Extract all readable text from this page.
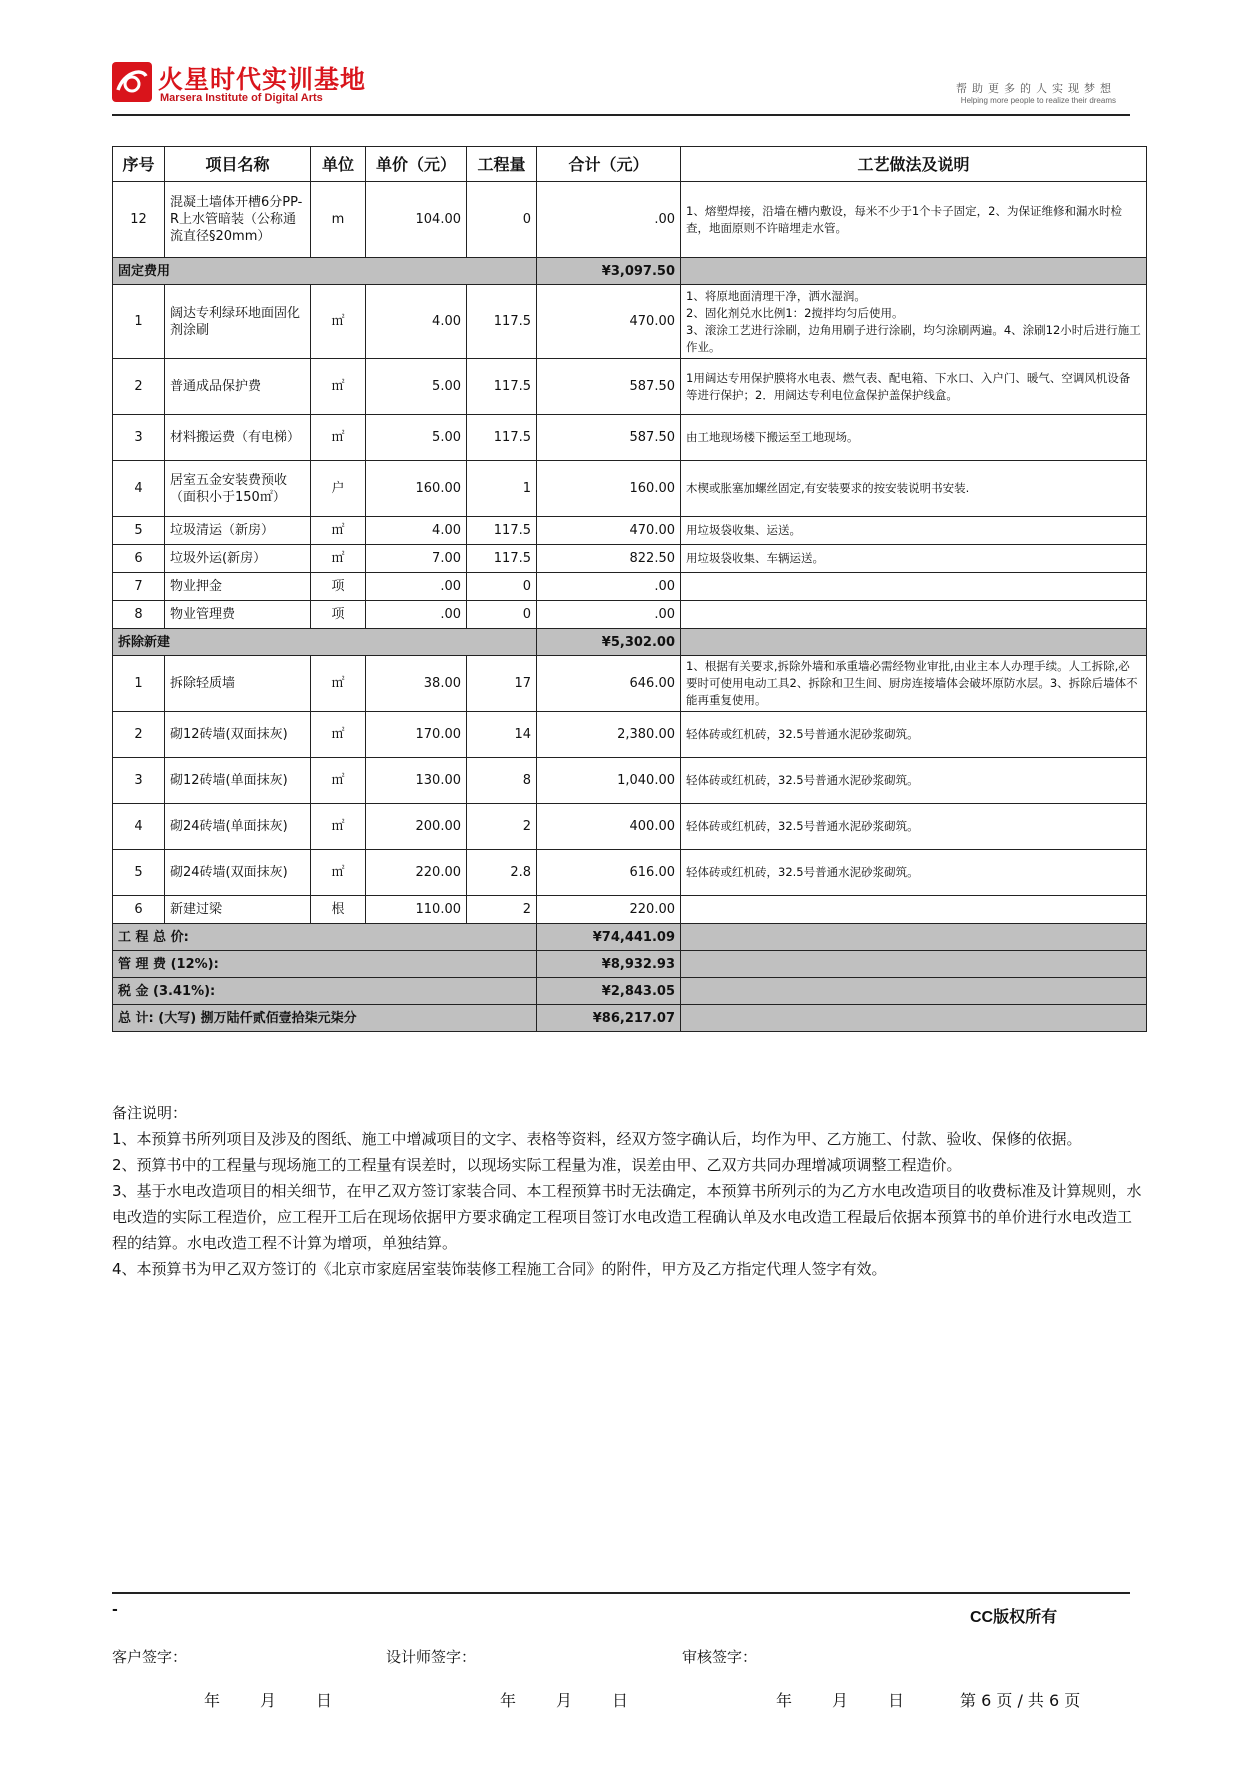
火星时代实训基地
Marsera Institute of Digital Arts
帮助更多的人实现梦想
Helping more people to realize their dreams
序号	项目名称	单位	单价（元）	工程量	合计（元）	工艺做法及说明
12	混凝土墙体开槽6分PP-R上水管暗装（公称通流直径§20mm）	m	104.00	0	.00	1、熔塑焊接，沿墙在槽内敷设，每米不少于1个卡子固定，2、为保证维修和漏水时检查，地面原则不许暗埋走水管。
固定费用					¥3,097.50	
1	阔达专利绿环地面固化剂涂刷	㎡	4.00	117.5	470.00	1、将原地面清理干净，洒水湿润。
2、固化剂兑水比例1：2搅拌均匀后使用。
3、滚涂工艺进行涂刷，边角用刷子进行涂刷，均匀涂刷两遍。4、涂刷12小时后进行施工作业。
2	普通成品保护费	㎡	5.00	117.5	587.50	1用阔达专用保护膜将水电表、燃气表、配电箱、下水口、入户门、暖气、空调风机设备等进行保护；2．用阔达专利电位盒保护盖保护线盒。
3	材料搬运费（有电梯）	㎡	5.00	117.5	587.50	由工地现场楼下搬运至工地现场。
4	居室五金安装费预收（面积小于150㎡）	户	160.00	1	160.00	木楔或胀塞加螺丝固定,有安装要求的按安装说明书安装.
5	垃圾清运（新房）	㎡	4.00	117.5	470.00	用垃圾袋收集、运送。
6	垃圾外运(新房）	㎡	7.00	117.5	822.50	用垃圾袋收集、车辆运送。
7	物业押金	项	.00	0	.00	
8	物业管理费	项	.00	0	.00	
拆除新建					¥5,302.00	
1	拆除轻质墙	㎡	38.00	17	646.00	1、根据有关要求,拆除外墙和承重墙必需经物业审批,由业主本人办理手续。人工拆除,必要时可使用电动工具2、拆除和卫生间、厨房连接墙体会破坏原防水层。3、拆除后墙体不能再重复使用。
2	砌12砖墙(双面抹灰)	㎡	170.00	14	2,380.00	轻体砖或红机砖，32.5号普通水泥砂浆砌筑。
3	砌12砖墙(单面抹灰)	㎡	130.00	8	1,040.00	轻体砖或红机砖，32.5号普通水泥砂浆砌筑。
4	砌24砖墙(单面抹灰)	㎡	200.00	2	400.00	轻体砖或红机砖，32.5号普通水泥砂浆砌筑。
5	砌24砖墙(双面抹灰)	㎡	220.00	2.8	616.00	轻体砖或红机砖，32.5号普通水泥砂浆砌筑。
6	新建过梁	根	110.00	2	220.00	
工 程 总 价:					¥74,441.09	
管 理 费 (12%):					¥8,932.93	
税 金 (3.41%):					¥2,843.05	
总 计: (大写) 捌万陆仟贰佰壹拾柒元柒分					¥86,217.07	

备注说明：

1、本预算书所列项目及涉及的图纸、施工中增减项目的文字、表格等资料，经双方签字确认后，均作为甲、乙方施工、付款、验收、保修的依据。

2、预算书中的工程量与现场施工的工程量有误差时，以现场实际工程量为准，误差由甲、乙双方共同办理增减项调整工程造价。

3、基于水电改造项目的相关细节，在甲乙双方签订家装合同、本工程预算书时无法确定，本预算书所列示的为乙方水电改造项目的收费标准及计算规则，水电改造的实际工程造价，应工程开工后在现场依据甲方要求确定工程项目签订水电改造工程确认单及水电改造工程最后依据本预算书的单价进行水电改造工程的结算。水电改造工程不计算为增项，单独结算。

4、本预算书为甲乙双方签订的《北京市家庭居室装饰装修工程施工合同》的附件，甲方及乙方指定代理人签字有效。

-	CC版权所有
客户签字：	设计师签字：	审核签字：
年 月 日	年 月 日	年 月 日	第 6 页 / 共 6 页
